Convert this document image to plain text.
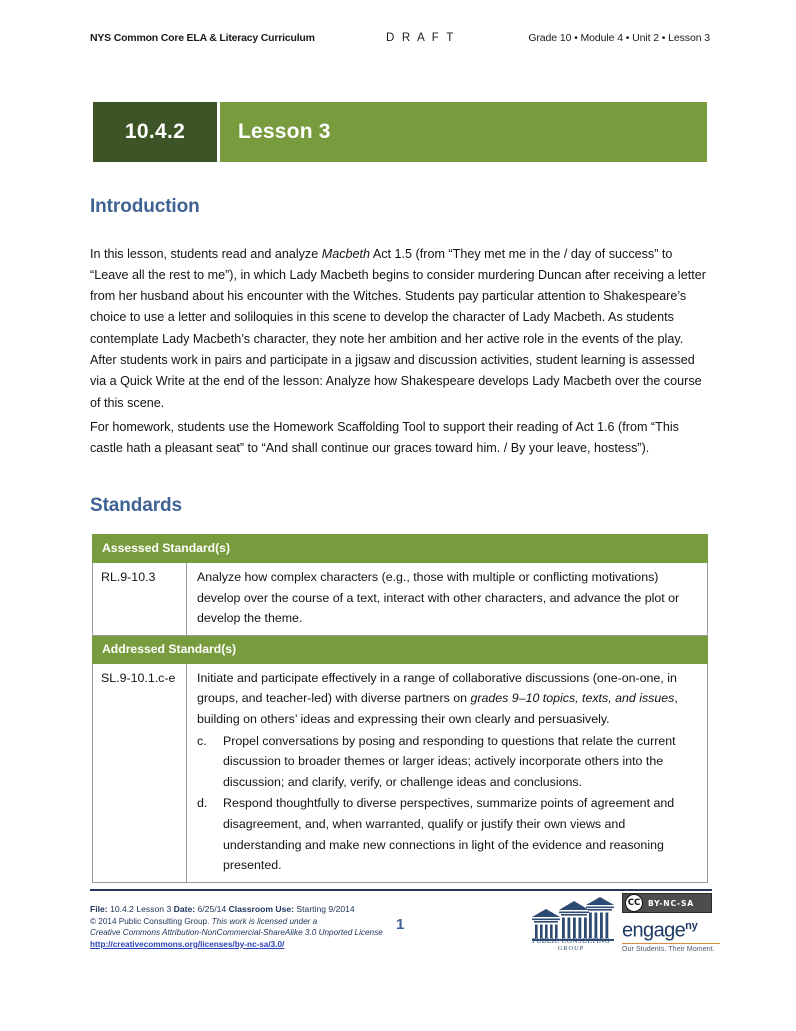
NYS Common Core ELA & Literacy Curriculum	D R A F T	Grade 10 • Module 4 • Unit 2 • Lesson 3
10.4.2	Lesson 3
Introduction

In this lesson, students read and analyze Macbeth Act 1.5 (from “They met me in the / day of success” to “Leave all the rest to me”), in which Lady Macbeth begins to consider murdering Duncan after receiving a letter from her husband about his encounter with the Witches. Students pay particular attention to Shakespeare’s choice to use a letter and soliloquies in this scene to develop the character of Lady Macbeth. As students contemplate Lady Macbeth’s character, they note her ambition and her active role in the events of the play. After students work in pairs and participate in a jigsaw and discussion activities, student learning is assessed via a Quick Write at the end of the lesson: Analyze how Shakespeare develops Lady Macbeth over the course of this scene.

For homework, students use the Homework Scaffolding Tool to support their reading of Act 1.6 (from “This castle hath a pleasant seat” to “And shall continue our graces toward him. / By your leave, hostess”).

Standards
Assessed Standard(s)	
RL.9-10.3	Analyze how complex characters (e.g., those with multiple or conflicting motivations) develop over the course of a text, interact with other characters, and advance the plot or develop the theme.
Addressed Standard(s)	
SL.9-10.1.c-e	Initiate and participate effectively in a range of collaborative discussions (one-on-one, in groups, and teacher-led) with diverse partners on grades 9–10 topics, texts, and issues, building on others’ ideas and expressing their own clearly and persuasively.
c.	Propel conversations by posing and responding to questions that relate the current discussion to broader themes or larger ideas; actively incorporate others into the discussion; and clarify, verify, or challenge ideas and conclusions.
d.	Respond thoughtfully to diverse perspectives, summarize points of agreement and disagreement, and, when warranted, qualify or justify their own views and understanding and make new connections in light of the evidence and reasoning presented.
File: 10.4.2 Lesson 3 Date: 6/25/14 Classroom Use: Starting 9/2014
© 2014 Public Consulting Group. This work is licensed under a
Creative Commons Attribution-NonCommercial-ShareAlike 3.0 Unported License
http://creativecommons.org/licenses/by-nc-sa/3.0/
1
PUBLIC CONSULTING
GROUP
CC	BY-NC-SA
engage$^{ny}$
Our Students. Their Moment.
